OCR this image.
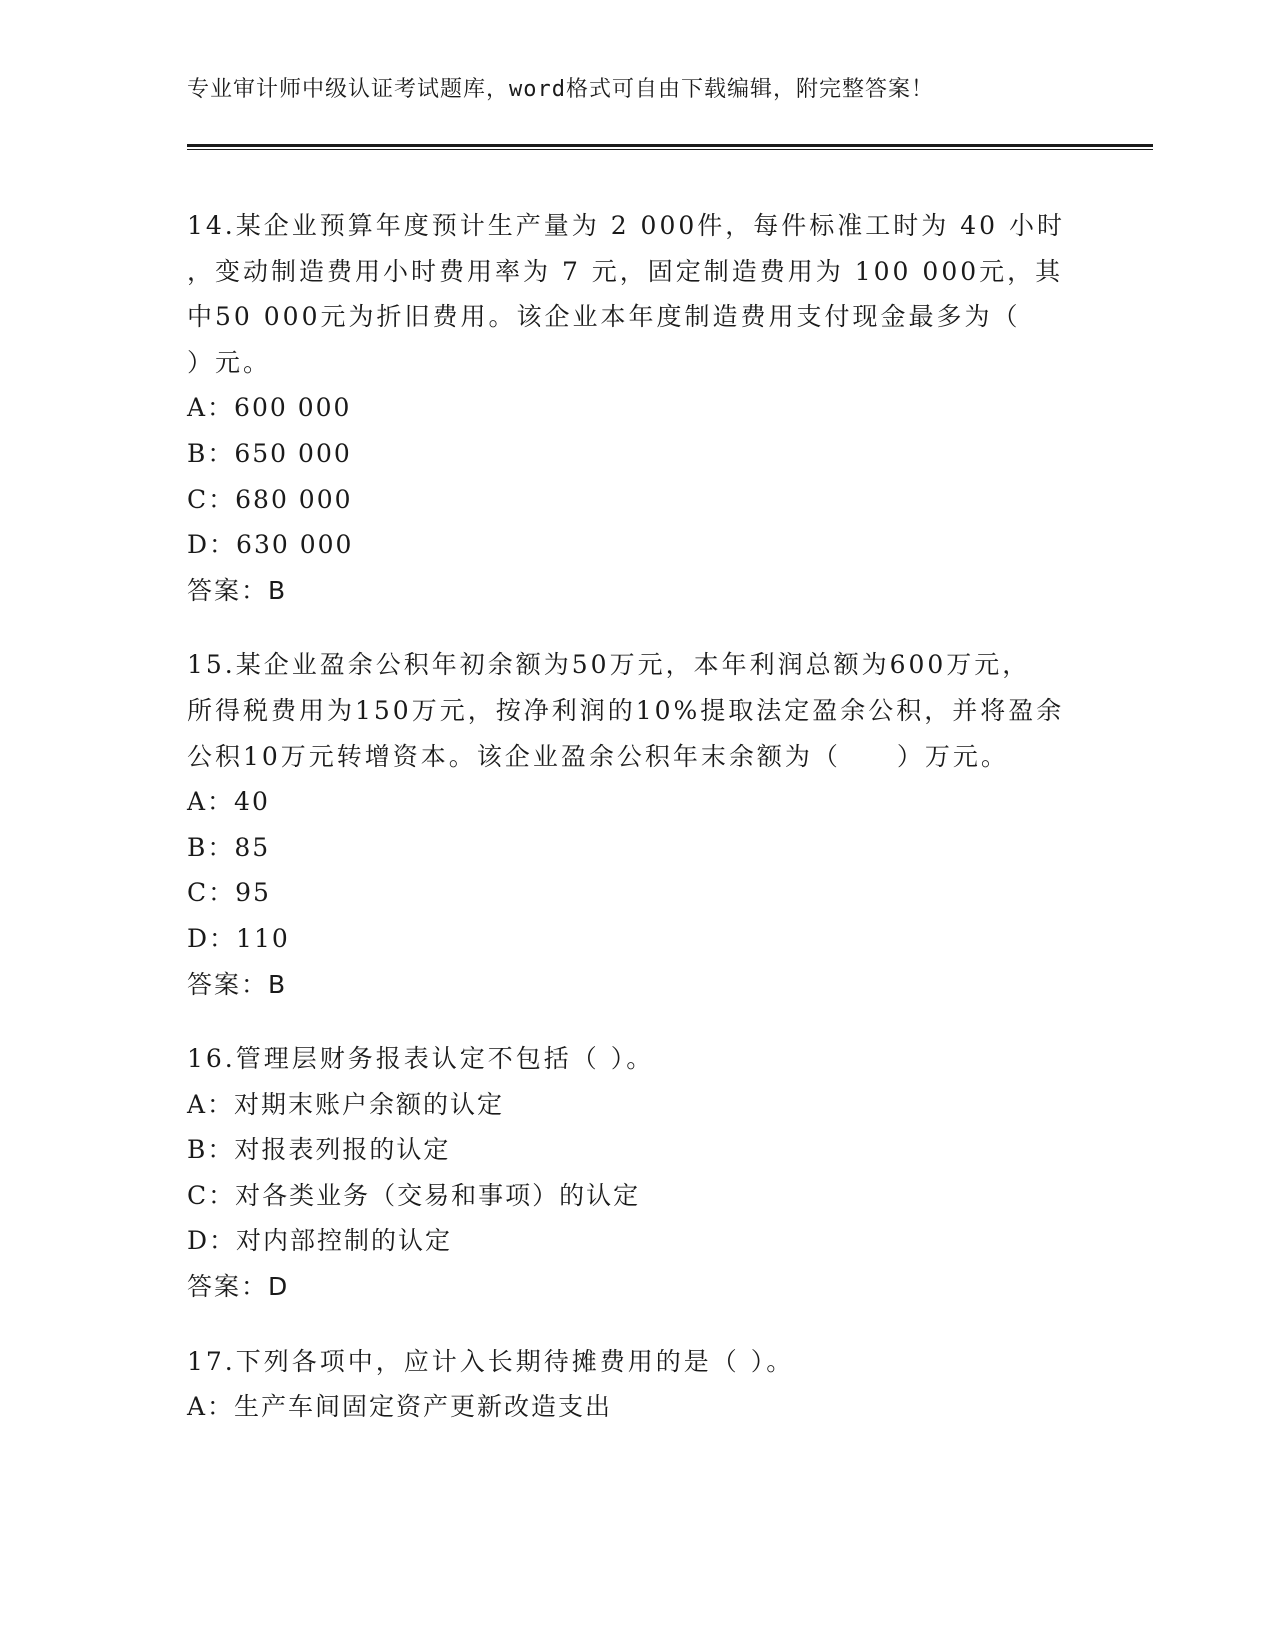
专业审计师中级认证考试题库，word格式可自由下载编辑，附完整答案！
14.某企业预算年度预计生产量为 2 000件，每件标准工时为 40 小时
，变动制造费用小时费用率为 7 元，固定制造费用为 100 000元，其
中50 000元为折旧费用。该企业本年度制造费用支付现金最多为（
）元。
A：600 000
B：650 000
C：680 000
D：630 000
答案：B
15.某企业盈余公积年初余额为50万元，本年利润总额为600万元，
所得税费用为150万元，按净利润的10%提取法定盈余公积，并将盈余
公积10万元转增资本。该企业盈余公积年末余额为（　　）万元。
A：40
B：85
C：95
D：110
答案：B
16.管理层财务报表认定不包括（ ）。
A：对期末账户余额的认定
B：对报表列报的认定
C：对各类业务（交易和事项）的认定
D：对内部控制的认定
答案：D
17.下列各项中，应计入长期待摊费用的是（ ）。
A：生产车间固定资产更新改造支出
